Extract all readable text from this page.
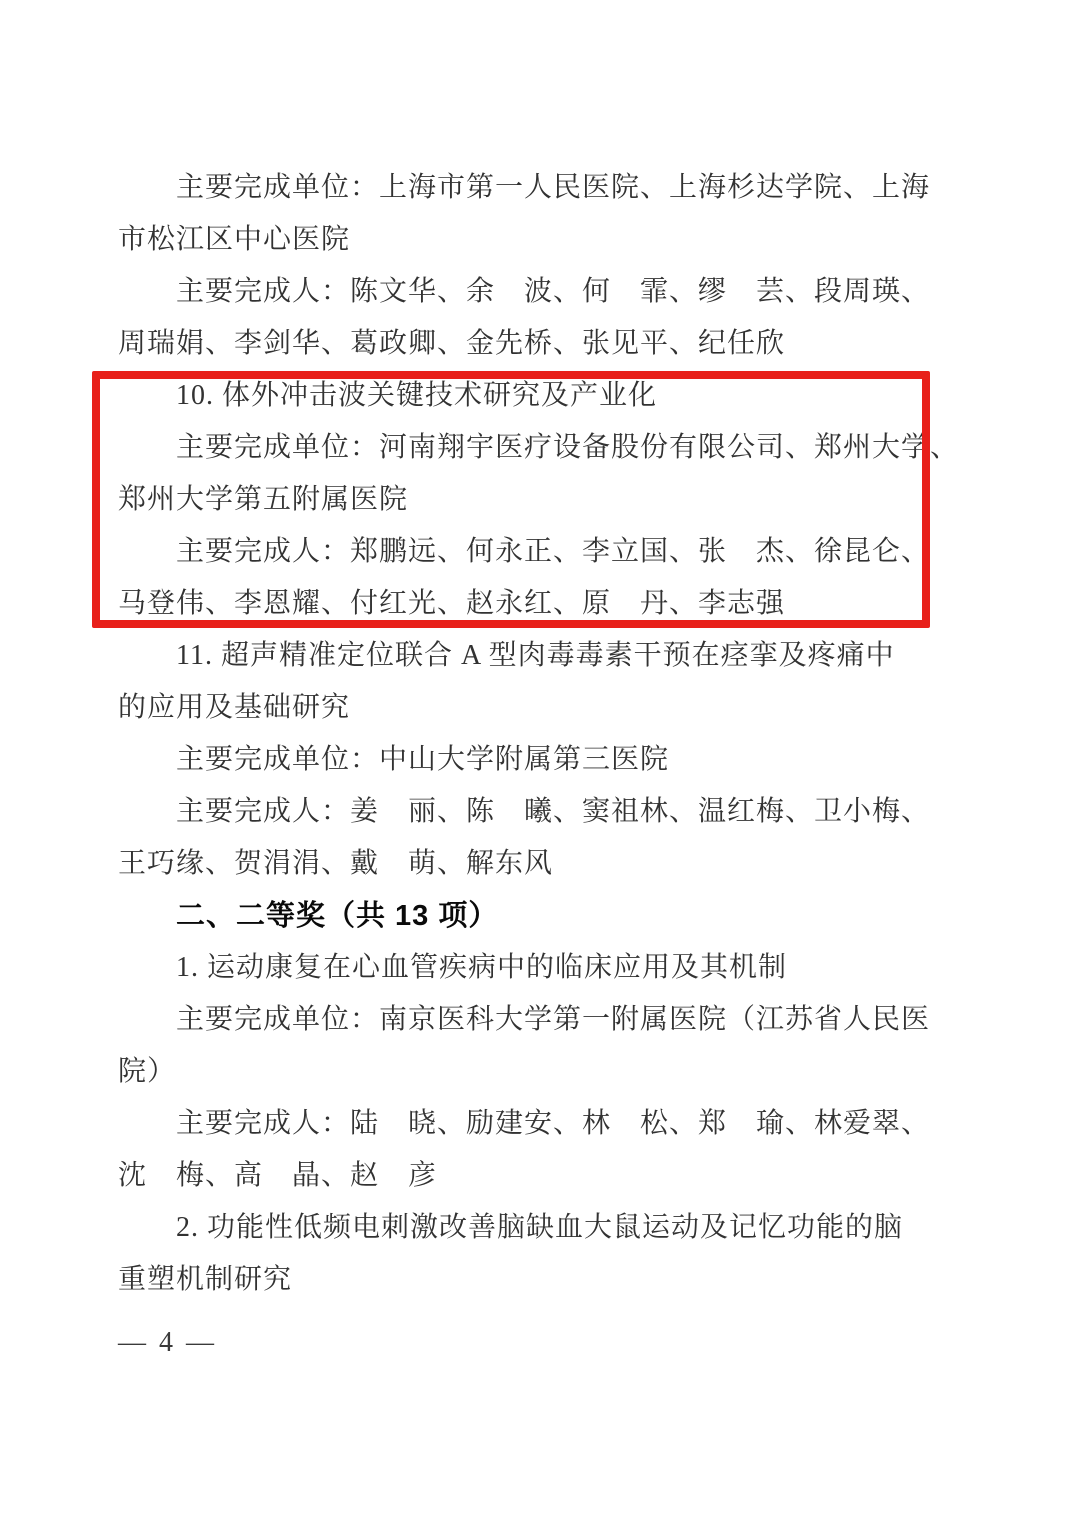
主要完成单位：上海市第一人民医院、上海杉达学院、上海
市松江区中心医院
主要完成人：陈文华、余　波、何　霏、缪　芸、段周瑛、
周瑞娟、李剑华、葛政卿、金先桥、张见平、纪任欣
10. 体外冲击波关键技术研究及产业化
主要完成单位：河南翔宇医疗设备股份有限公司、郑州大学、
郑州大学第五附属医院
主要完成人：郑鹏远、何永正、李立国、张　杰、徐昆仑、
马登伟、李恩耀、付红光、赵永红、原　丹、李志强
11. 超声精准定位联合 A 型肉毒毒素干预在痉挛及疼痛中
的应用及基础研究
主要完成单位：中山大学附属第三医院
主要完成人：姜　丽、陈　曦、窦祖林、温红梅、卫小梅、
王巧缘、贺涓涓、戴　萌、解东风
二、二等奖（共 13 项）
1. 运动康复在心血管疾病中的临床应用及其机制
主要完成单位：南京医科大学第一附属医院（江苏省人民医
院）
主要完成人：陆　晓、励建安、林　松、郑　瑜、林爱翠、
沈　梅、高　晶、赵　彦
2. 功能性低频电刺激改善脑缺血大鼠运动及记忆功能的脑
重塑机制研究
— 4 —
